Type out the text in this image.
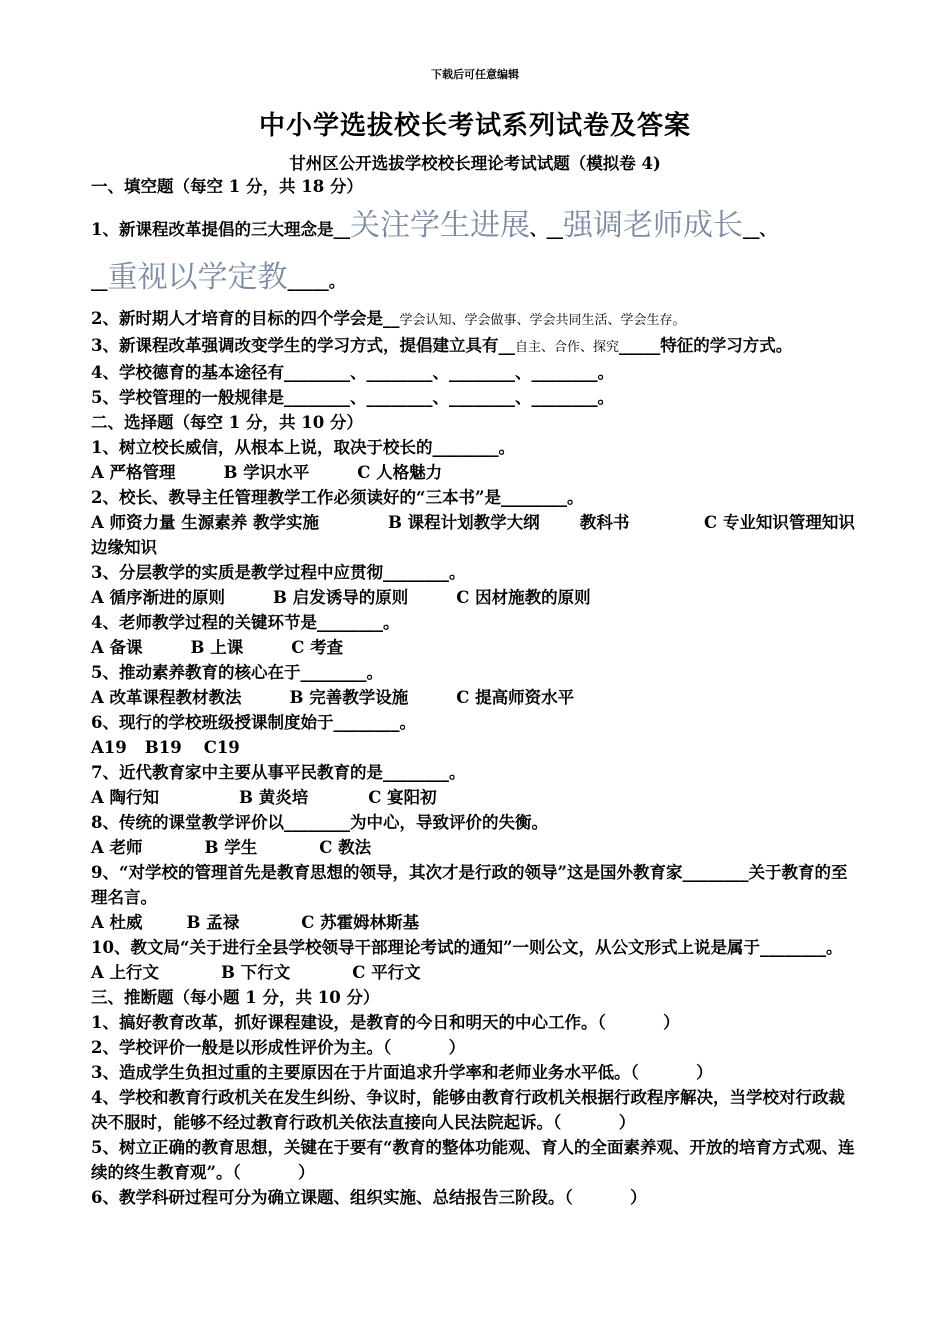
下载后可任意编辑
中小学选拔校长考试系列试卷及答案
甘州区公开选拔学校校长理论考试试题（模拟卷 4)
一、填空题（每空 1 分，共 18 分）
1、新课程改革提倡的三大理念是__关注学生进展、__强调老师成长__、
__重视以学定教_____。
2、新时期人才培育的目标的四个学会是__学会认知、学会做事、学会共同生活、学会生存。
3、新课程改革强调改变学生的学习方式，提倡建立具有__自主、合作、探究_____特征的学习方式。
4、学校德育的基本途径有________、________、________、________。
5、学校管理的一般规律是________、________、________、________。
二、选择题（每空 1 分，共 10 分）
1、树立校长威信，从根本上说，取决于校长的________。
A 严格管理	B 学识水平	C 人格魅力
2、校长、教导主任管理教学工作必须读好的“三本书”是________。
A 师资力量 生源素养 教学实施            B 课程计划教学大纲       教科书             C 专业知识管理知识 边缘知识
3、分层教学的实质是教学过程中应贯彻________。
A 循序渐进的原则	B 启发诱导的原则	C 因材施教的原则
4、老师教学过程的关键环节是________。
A 备课	B 上课	C 考查
5、推动素养教育的核心在于________。
A 改革课程教材教法	B 完善教学设施	C 提高师资水平
6、现行的学校班级授课制度始于________。
A19 B19 C19
7、近代教育家中主要从事平民教育的是________。
A 陶行知	B 黄炎培	C 宴阳初
8、传统的课堂教学评价以________为中心，导致评价的失衡。
A 老师	B 学生	C 教法
9、“对学校的管理首先是教育思想的领导，其次才是行政的领导”这是国外教育家________关于教育的至理名言。
A 杜威	B 孟禄	C 苏霍姆林斯基
10、教文局“关于进行全县学校领导干部理论考试的通知”一则公文，从公文形式上说是属于________。
A 上行文	B 下行文	C 平行文
三、推断题（每小题 1 分，共 10 分）
1、搞好教育改革，抓好课程建设，是教育的今日和明天的中心工作。（          ）
2、学校评价一般是以形成性评价为主。（          ）
3、造成学生负担过重的主要原因在于片面追求升学率和老师业务水平低。（          ）
4、学校和教育行政机关在发生纠纷、争议时，能够由教育行政机关根据行政程序解决，当学校对行政裁决不服时，能够不经过教育行政机关依法直接向人民法院起诉。（          ）
5、树立正确的教育思想，关键在于要有“教育的整体功能观、育人的全面素养观、开放的培育方式观、连续的终生教育观”。（          ）
6、教学科研过程可分为确立课题、组织实施、总结报告三阶段。（          ）
